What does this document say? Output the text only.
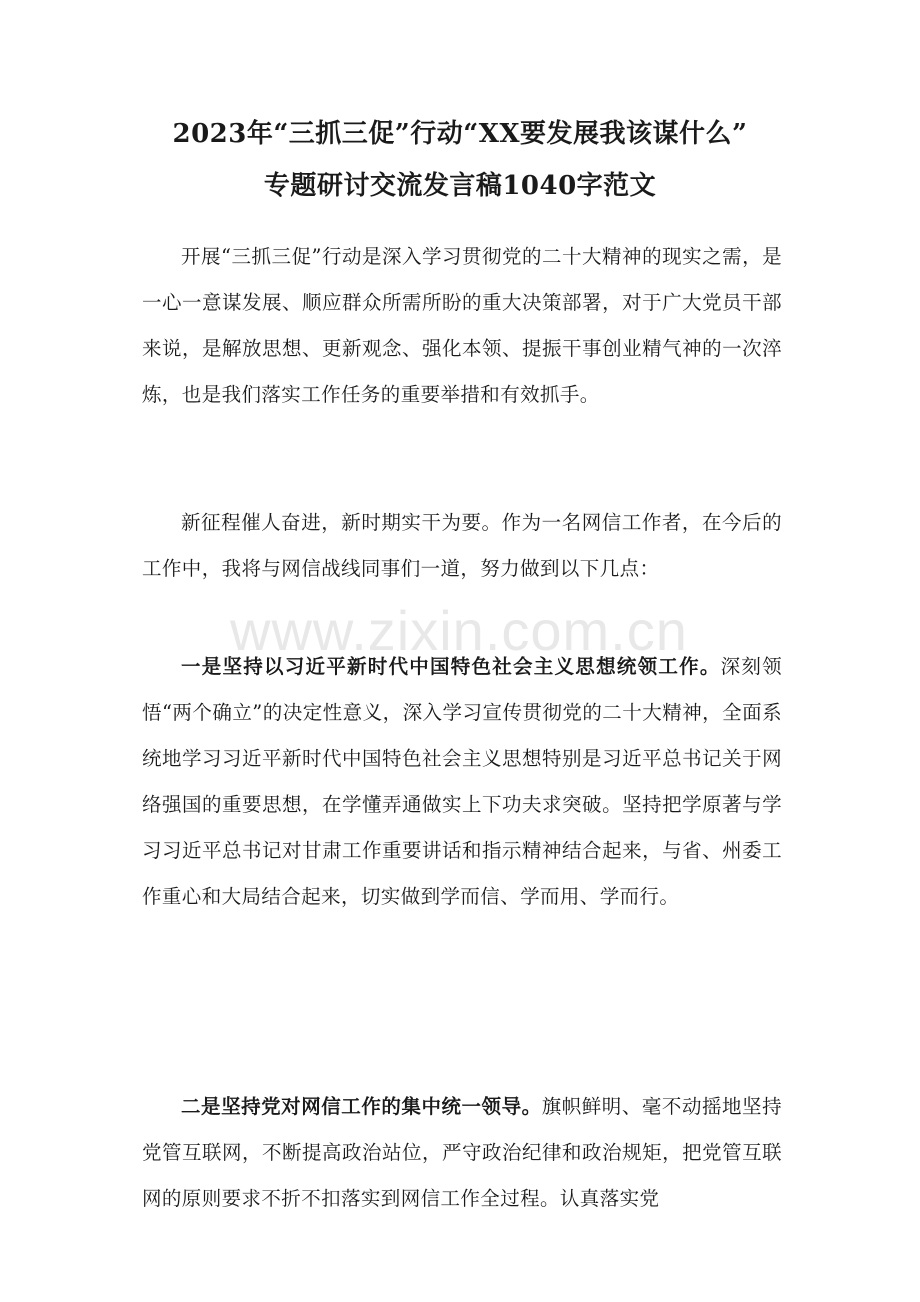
2023年“三抓三促”行动“XX要发展我该谋什么”
专题研讨交流发言稿1040字范文
www.zixin.com.cn

开展“三抓三促”行动是深入学习贯彻党的二十大精神的现实之需，是一心一意谋发展、顺应群众所需所盼的重大决策部署，对于广大党员干部来说，是解放思想、更新观念、强化本领、提振干事创业精气神的一次淬炼，也是我们落实工作任务的重要举措和有效抓手。

新征程催人奋进，新时期实干为要。作为一名网信工作者，在今后的工作中，我将与网信战线同事们一道，努力做到以下几点：

一是坚持以习近平新时代中国特色社会主义思想统领工作。深刻领悟“两个确立”的决定性意义，深入学习宣传贯彻党的二十大精神，全面系统地学习习近平新时代中国特色社会主义思想特别是习近平总书记关于网络强国的重要思想，在学懂弄通做实上下功夫求突破。坚持把学原著与学习习近平总书记对甘肃工作重要讲话和指示精神结合起来，与省、州委工作重心和大局结合起来，切实做到学而信、学而用、学而行。

二是坚持党对网信工作的集中统一领导。旗帜鲜明、毫不动摇地坚持党管互联网，不断提高政治站位，严守政治纪律和政治规矩，把党管互联网的原则要求不折不扣落实到网信工作全过程。认真落实党
